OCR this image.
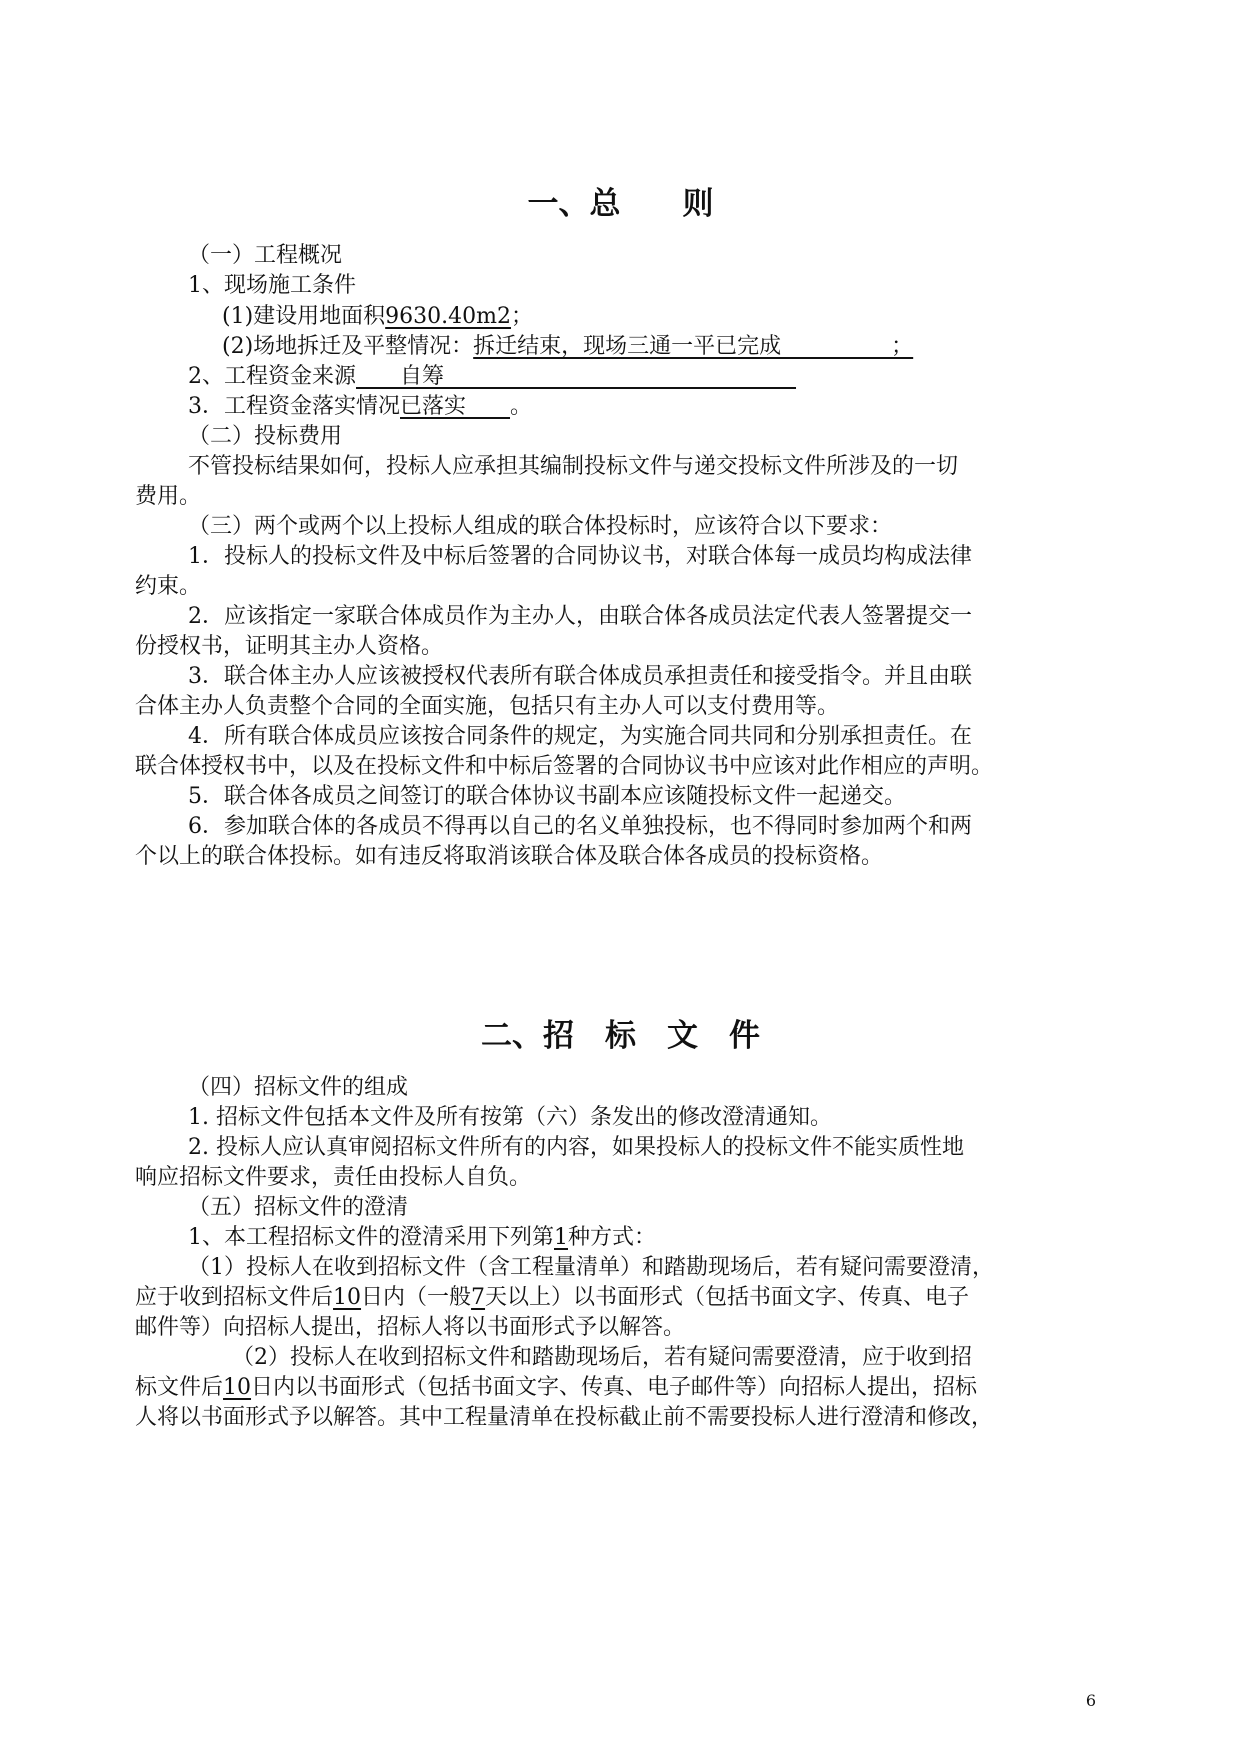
一、总　　则
（一）工程概况
1、现场施工条件
(1)建设用地面积9630.40m2；
(2)场地拆迁及平整情况：拆迁结束，现场三通一平已完成　　　　　；
2、工程资金来源　　自筹　　　　　　　　　　　　　　　　
3．工程资金落实情况已落实　　。
（二）投标费用
不管投标结果如何，投标人应承担其编制投标文件与递交投标文件所涉及的一切
费用。
（三）两个或两个以上投标人组成的联合体投标时，应该符合以下要求：
1．投标人的投标文件及中标后签署的合同协议书，对联合体每一成员均构成法律
约束。
2．应该指定一家联合体成员作为主办人，由联合体各成员法定代表人签署提交一
份授权书，证明其主办人资格。
3．联合体主办人应该被授权代表所有联合体成员承担责任和接受指令。并且由联
合体主办人负责整个合同的全面实施，包括只有主办人可以支付费用等。
4．所有联合体成员应该按合同条件的规定，为实施合同共同和分别承担责任。在
联合体授权书中，以及在投标文件和中标后签署的合同协议书中应该对此作相应的声明。
5．联合体各成员之间签订的联合体协议书副本应该随投标文件一起递交。
6．参加联合体的各成员不得再以自己的名义单独投标，也不得同时参加两个和两
个以上的联合体投标。如有违反将取消该联合体及联合体各成员的投标资格。
二、招　标　文　件
（四）招标文件的组成
1. 招标文件包括本文件及所有按第（六）条发出的修改澄清通知。
2. 投标人应认真审阅招标文件所有的内容，如果投标人的投标文件不能实质性地
响应招标文件要求，责任由投标人自负。
（五）招标文件的澄清
1、本工程招标文件的澄清采用下列第1种方式：
（1）投标人在收到招标文件（含工程量清单）和踏勘现场后，若有疑问需要澄清，
应于收到招标文件后10日内（一般7天以上）以书面形式（包括书面文字、传真、电子
邮件等）向招标人提出，招标人将以书面形式予以解答。
（2）投标人在收到招标文件和踏勘现场后，若有疑问需要澄清，应于收到招
标文件后10日内以书面形式（包括书面文字、传真、电子邮件等）向招标人提出，招标
人将以书面形式予以解答。其中工程量清单在投标截止前不需要投标人进行澄清和修改，
6
